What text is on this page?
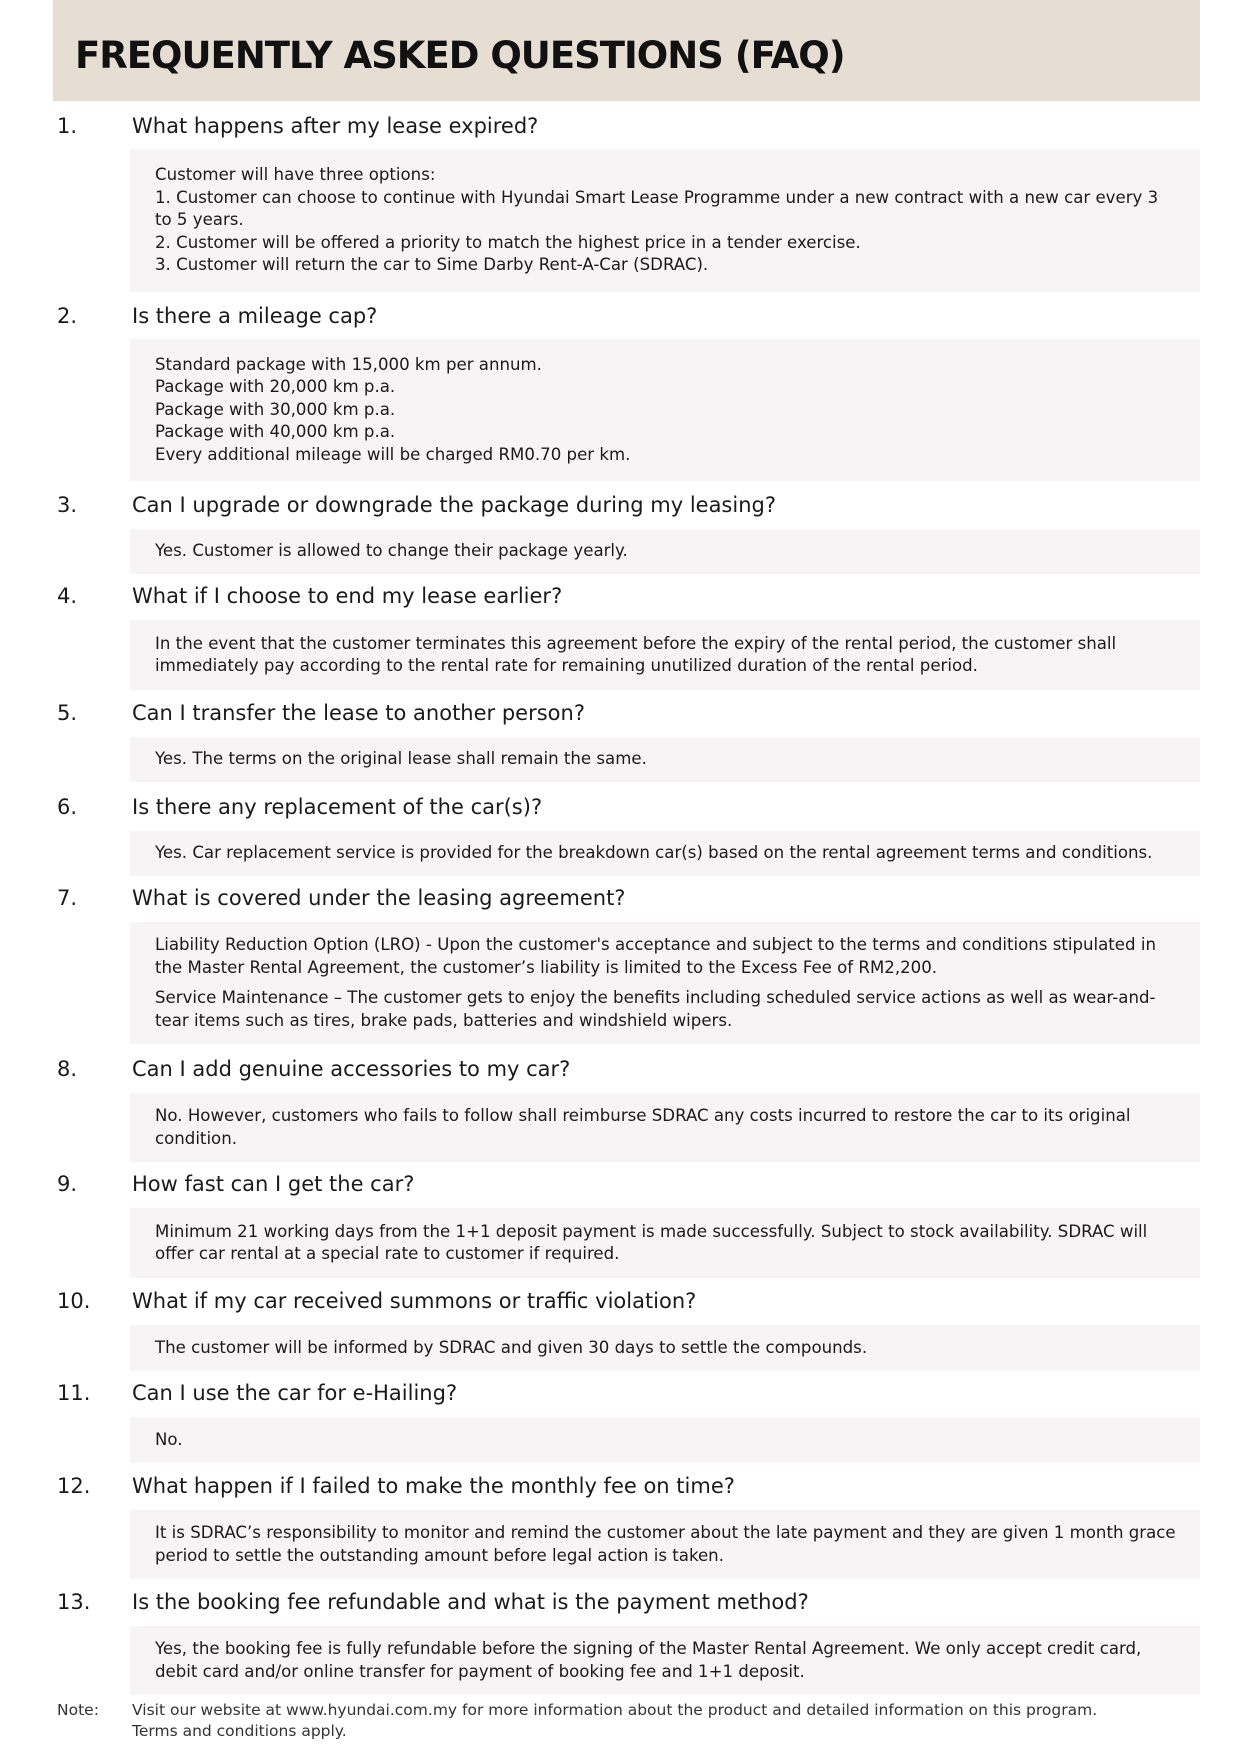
FREQUENTLY ASKED QUESTIONS (FAQ)
1.	What happens after my lease expired?
Customer will have three options:
1. Customer can choose to continue with Hyundai Smart Lease Programme under a new contract with a new car every 3 to 5 years.
2. Customer will be offered a priority to match the highest price in a tender exercise.
3. Customer will return the car to Sime Darby Rent-A-Car (SDRAC).
2.	Is there a mileage cap?
Standard package with 15,000 km per annum.
Package with 20,000 km p.a.
Package with 30,000 km p.a.
Package with 40,000 km p.a.
Every additional mileage will be charged RM0.70 per km.
3.	Can I upgrade or downgrade the package during my leasing?
Yes. Customer is allowed to change their package yearly.
4.	What if I choose to end my lease earlier?
In the event that the customer terminates this agreement before the expiry of the rental period, the customer shall immediately pay according to the rental rate for remaining unutilized duration of the rental period.
5.	Can I transfer the lease to another person?
Yes. The terms on the original lease shall remain the same.
6.	Is there any replacement of the car(s)?
Yes. Car replacement service is provided for the breakdown car(s) based on the rental agreement terms and conditions.
7.	What is covered under the leasing agreement?
Liability Reduction Option (LRO) - Upon the customer's acceptance and subject to the terms and conditions stipulated in the Master Rental Agreement, the customer’s liability is limited to the Excess Fee of RM2,200.
Service Maintenance – The customer gets to enjoy the benefits including scheduled service actions as well as wear-and-tear items such as tires, brake pads, batteries and windshield wipers.
8.	Can I add genuine accessories to my car?
No. However, customers who fails to follow shall reimburse SDRAC any costs incurred to restore the car to its original condition.
9.	How fast can I get the car?
Minimum 21 working days from the 1+1 deposit payment is made successfully. Subject to stock availability. SDRAC will offer car rental at a special rate to customer if required.
10. What if my car received summons or traffic violation?
The customer will be informed by SDRAC and given 30 days to settle the compounds.
11. Can I use the car for e-Hailing?
No.
12. What happen if I failed to make the monthly fee on time?
It is SDRAC’s responsibility to monitor and remind the customer about the late payment and they are given 1 month grace period to settle the outstanding amount before legal action is taken.
13. Is the booking fee refundable and what is the payment method?
Yes, the booking fee is fully refundable before the signing of the Master Rental Agreement. We only accept credit card, debit card and/or online transfer for payment of booking fee and 1+1 deposit.
Note: Visit our website at www.hyundai.com.my for more information about the product and detailed information on this program.
Terms and conditions apply.
